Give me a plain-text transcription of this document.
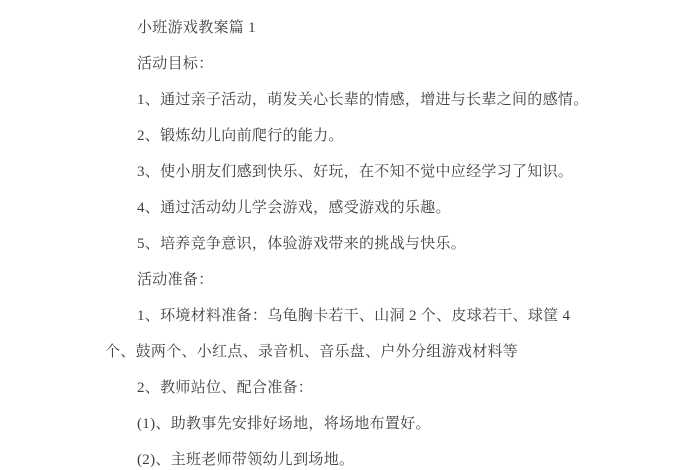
小班游戏教案篇 1
活动目标：
1、通过亲子活动，萌发关心长辈的情感，增进与长辈之间的感情。
2、锻炼幼儿向前爬行的能力。
3、使小朋友们感到快乐、好玩，在不知不觉中应经学习了知识。
4、通过活动幼儿学会游戏，感受游戏的乐趣。
5、培养竞争意识，体验游戏带来的挑战与快乐。
活动准备：
1、环境材料准备：乌龟胸卡若干、山洞 2 个、皮球若干、球筐 4
个、鼓两个、小红点、录音机、音乐盘、户外分组游戏材料等
2、教师站位、配合准备：
(1)、助教事先安排好场地，将场地布置好。
(2)、主班老师带领幼儿到场地。
